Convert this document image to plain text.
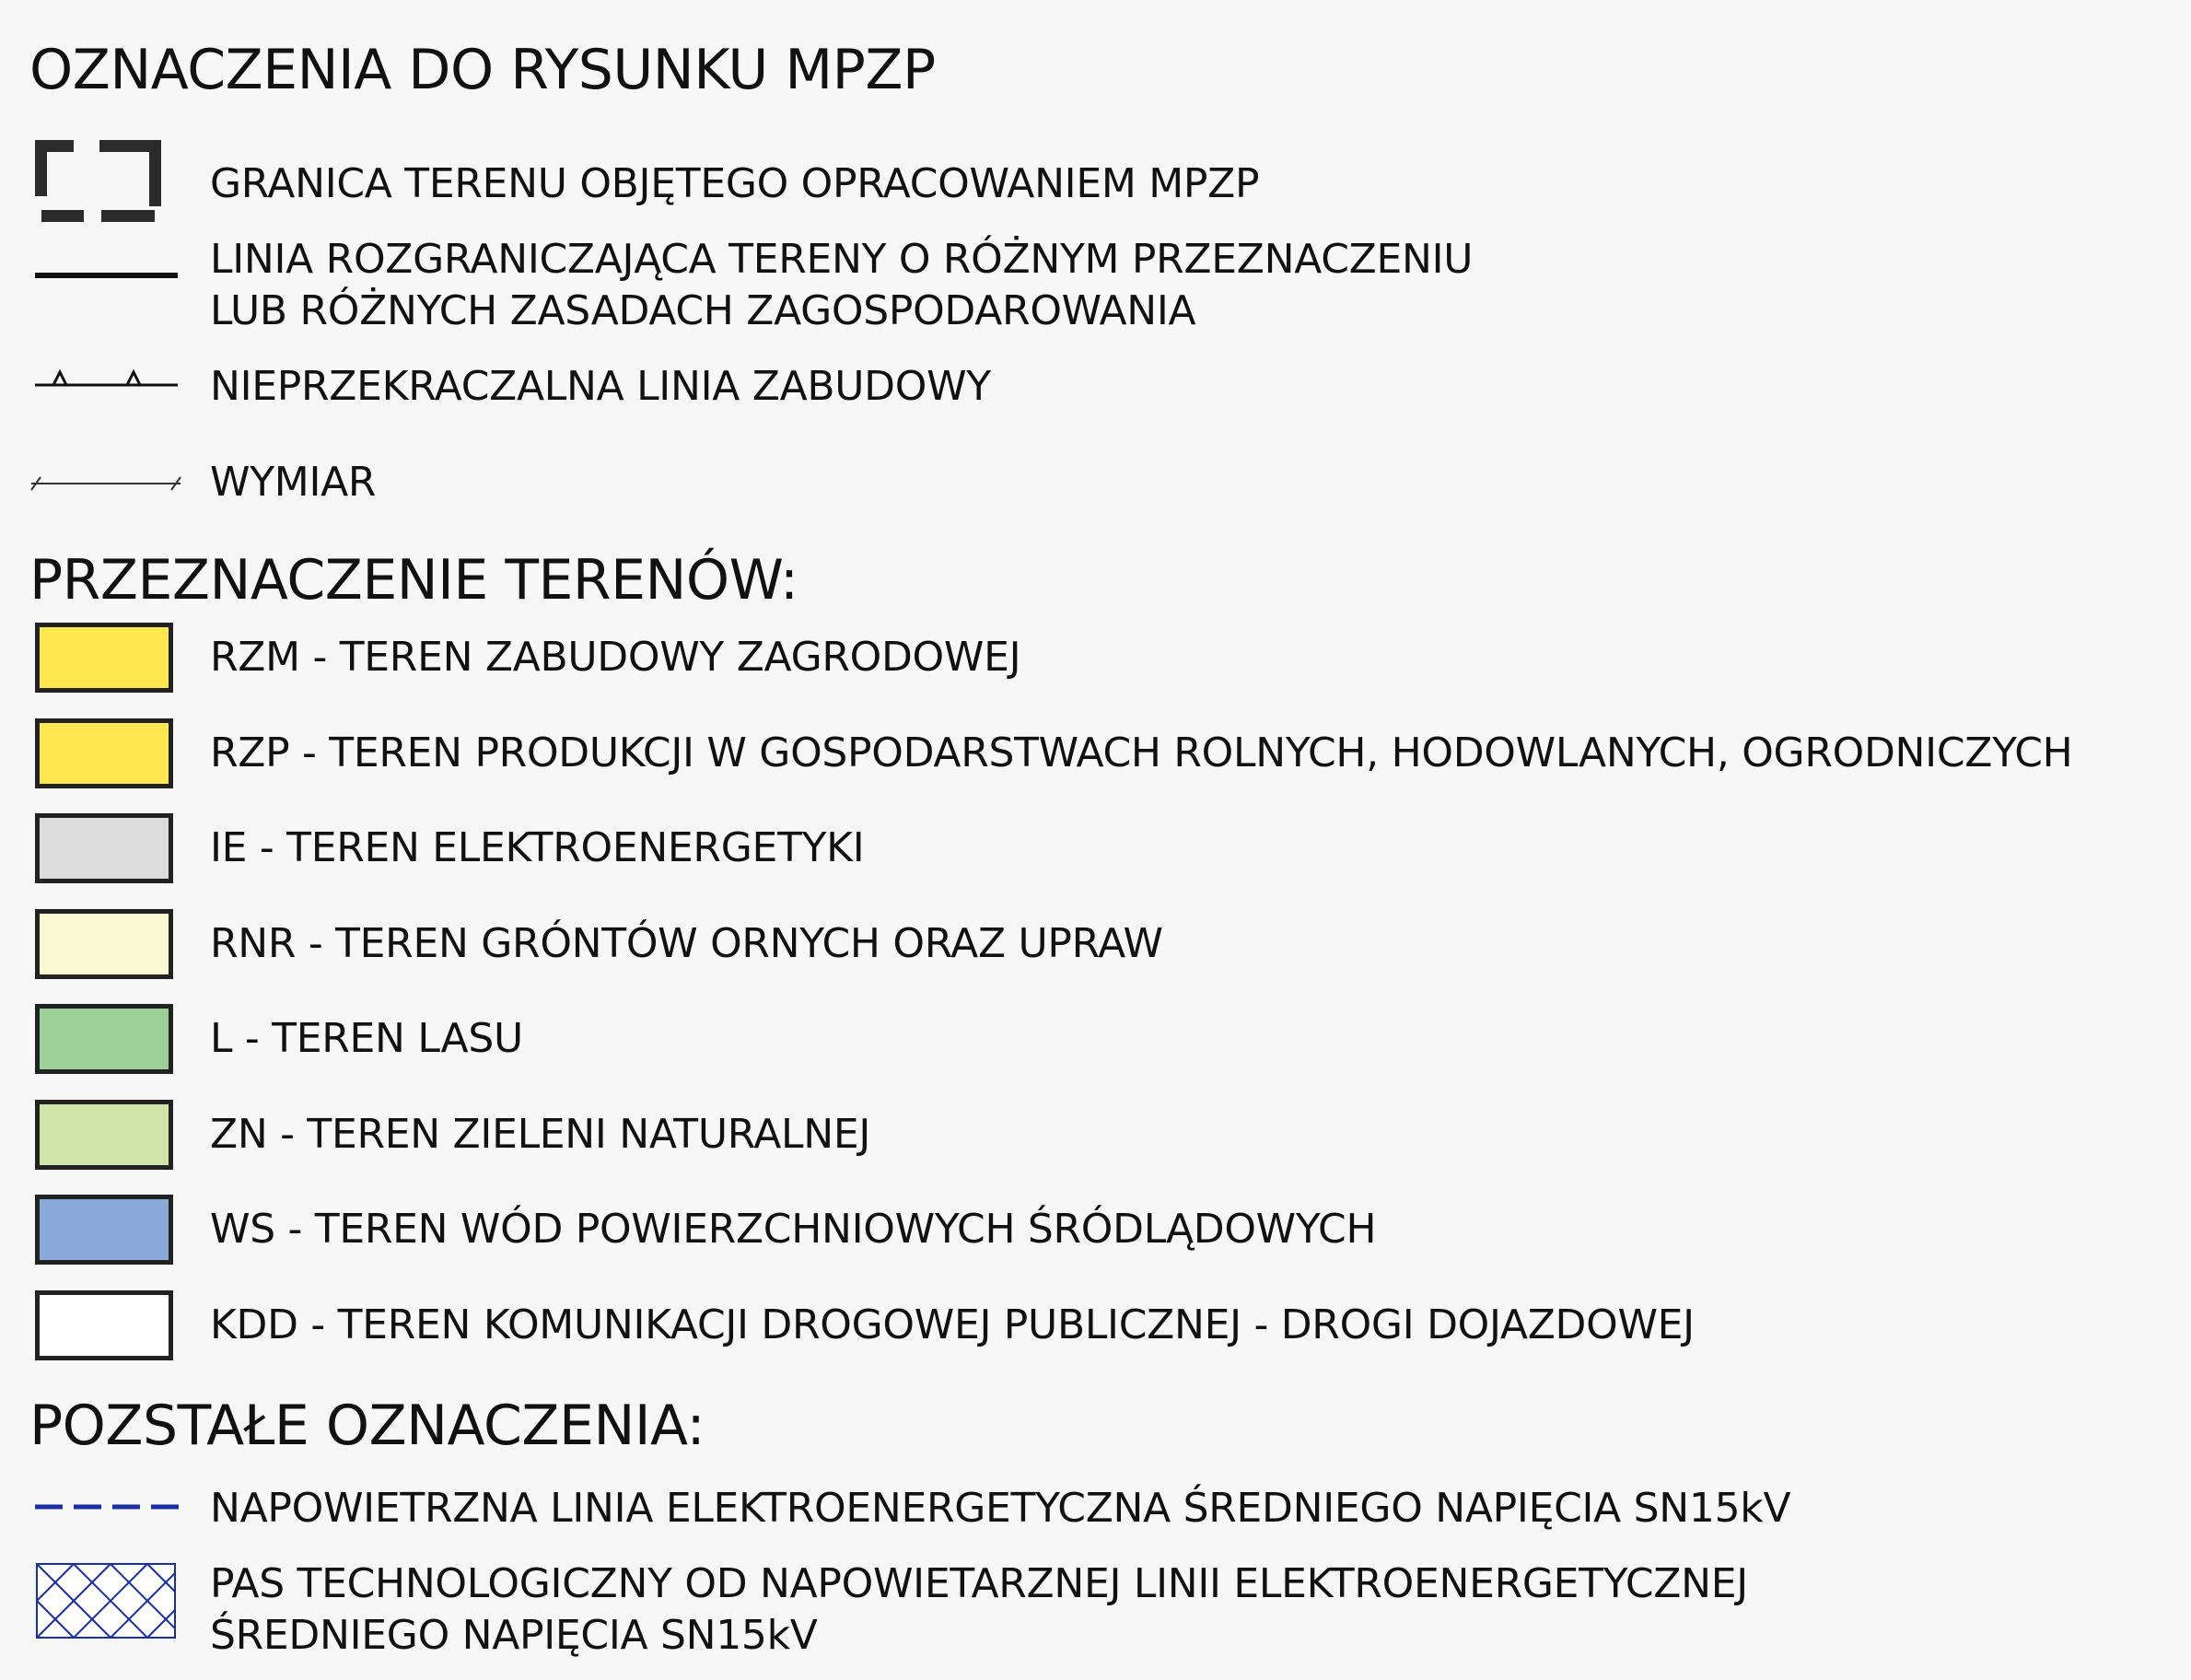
OZNACZENIA DO RYSUNKU MPZP
GRANICA TERENU OBJĘTEGO OPRACOWANIEM MPZP
LINIA ROZGRANICZAJĄCA TERENY O RÓŻNYM PRZEZNACZENIU
LUB RÓŻNYCH ZASADACH ZAGOSPODAROWANIA
NIEPRZEKRACZALNA LINIA ZABUDOWY
WYMIAR
PRZEZNACZENIE TERENÓW:
RZM - TEREN ZABUDOWY ZAGRODOWEJ
RZP - TEREN PRODUKCJI W GOSPODARSTWACH ROLNYCH, HODOWLANYCH, OGRODNICZYCH
IE - TEREN ELEKTROENERGETYKI
RNR - TEREN GRÓNTÓW ORNYCH ORAZ UPRAW
L - TEREN LASU
ZN - TEREN ZIELENI NATURALNEJ
WS - TEREN WÓD POWIERZCHNIOWYCH ŚRÓDLĄDOWYCH
KDD - TEREN KOMUNIKACJI DROGOWEJ PUBLICZNEJ - DROGI DOJAZDOWEJ
POZSTAŁE OZNACZENIA:
NAPOWIETRZNA LINIA ELEKTROENERGETYCZNA ŚREDNIEGO NAPIĘCIA SN15kV
PAS TECHNOLOGICZNY OD NAPOWIETARZNEJ LINII ELEKTROENERGETYCZNEJ
ŚREDNIEGO NAPIĘCIA SN15kV
